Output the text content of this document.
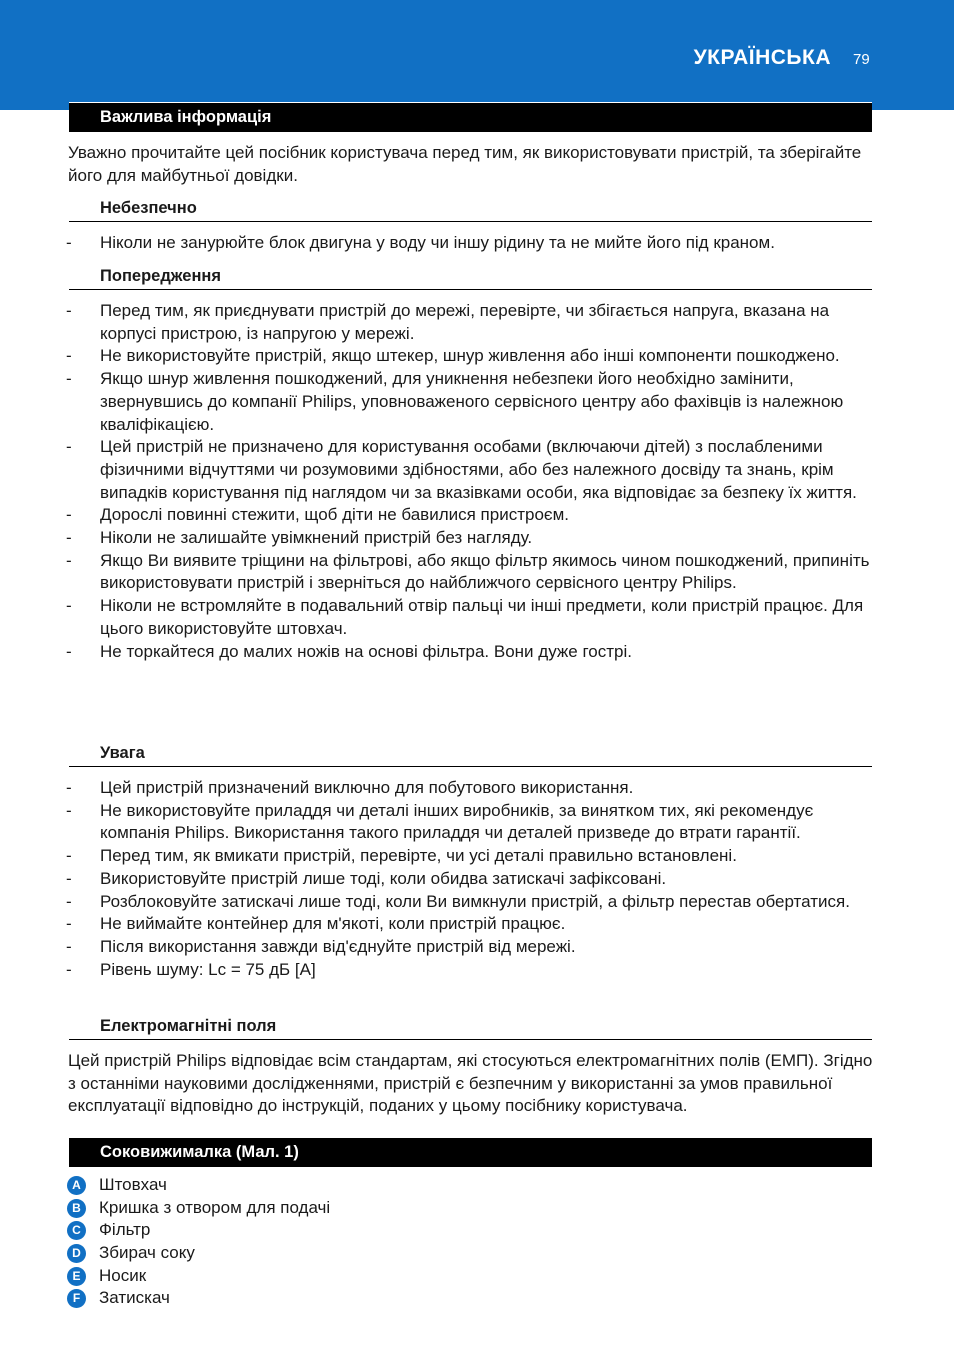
УКРАЇНСЬКА 79
Важлива інформація
Уважно прочитайте цей посібник користувача перед тим, як використовувати пристрій, та зберігайте його для майбутньої довідки.
Небезпечно
-	Ніколи не занурюйте блок двигуна у воду чи іншу рідину та не мийте його під краном.
Попередження
-	Перед тим, як приєднувати пристрій до мережі, перевірте, чи збігається напруга, вказана на корпусі пристрою, із напругою у мережі.
-	Не використовуйте пристрій, якщо штекер, шнур живлення або інші компоненти пошкоджено.
-	Якщо шнур живлення пошкоджений, для уникнення небезпеки його необхідно замінити, звернувшись до компанії Philips, уповноваженого сервісного центру або фахівців із належною кваліфікацією.
-	Цей пристрій не призначено для користування особами (включаючи дітей) з послабленими фізичними відчуттями чи розумовими здібностями, або без належного досвіду та знань, крім випадків користування під наглядом чи за вказівками особи, яка відповідає за безпеку їх життя.
-	Дорослі повинні стежити, щоб діти не бавилися пристроєм.
-	Ніколи не залишайте увімкнений пристрій без нагляду.
-	Якщо Ви виявите тріщини на фільтрові, або якщо фільтр якимось чином пошкоджений, припиніть використовувати пристрій і зверніться до найближчого сервісного центру Philips.
-	Ніколи не встромляйте в подавальний отвір пальці чи інші предмети, коли пристрій працює. Для цього використовуйте штовхач.
-	Не торкайтеся до малих ножів на основі фільтра. Вони дуже гострі.
Увага
-	Цей пристрій призначений виключно для побутового використання.
-	Не використовуйте приладдя чи деталі інших виробників, за винятком тих, які рекомендує компанія Philips. Використання такого приладдя чи деталей призведе до втрати гарантії.
-	Перед тим, як вмикати пристрій, перевірте, чи усі деталі правильно встановлені.
-	Використовуйте пристрій лише тоді, коли обидва затискачі зафіксовані.
-	Розблоковуйте затискачі лише тоді, коли Ви вимкнули пристрій, а фільтр перестав обертатися.
-	Не виймайте контейнер для м'якоті, коли пристрій працює.
-	Після використання завжди від'єднуйте пристрій від мережі.
-	Рівень шуму: Lc = 75 дБ [A]
Електромагнітні поля
Цей пристрій Philips відповідає всім стандартам, які стосуються електромагнітних полів (ЕМП). Згідно з останніми науковими дослідженнями, пристрій є безпечним у використанні за умов правильної експлуатації відповідно до інструкцій, поданих у цьому посібнику користувача.
Соковижималка (Мал. 1)
A	Штовхач
B	Кришка з отвором для подачі
C	Фільтр
D	Збирач соку
E	Носик
F	Затискач
